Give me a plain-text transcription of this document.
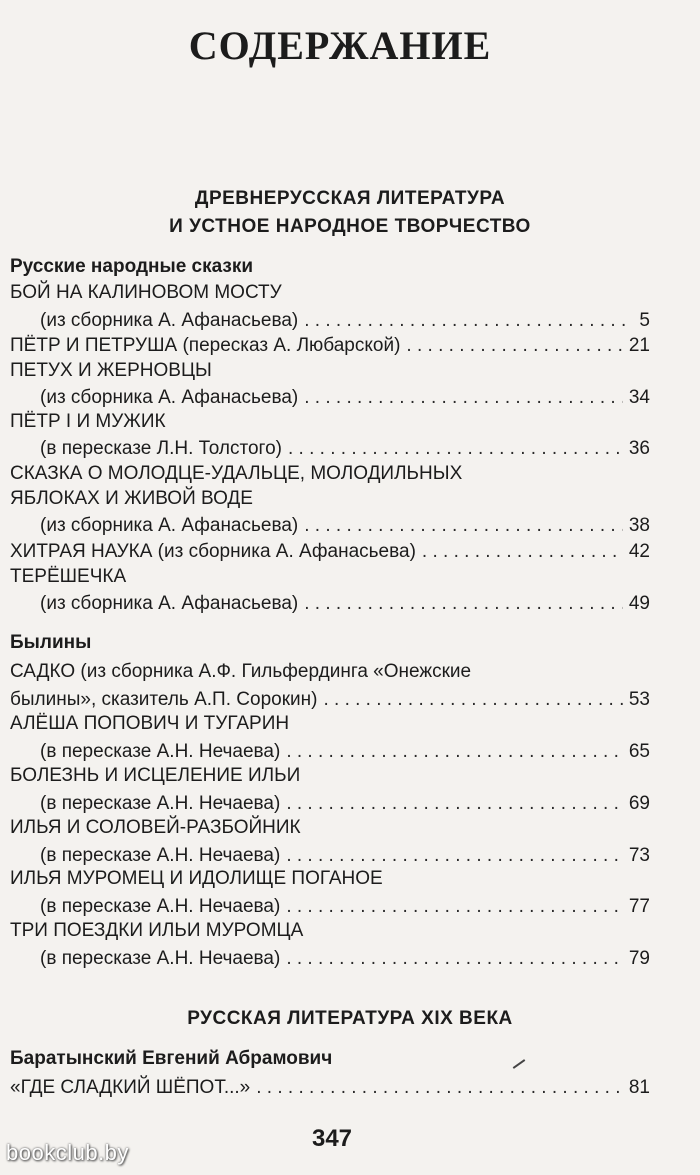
СОДЕРЖАНИЕ

ДРЕВНЕРУССКАЯ ЛИТЕРАТУРА

И УСТНОЕ НАРОДНОЕ ТВОРЧЕСТВО

Русские народные сказки

БОЙ НА КАЛИНОВОМ МОСТУ

(из сборника А. Афанасьева) . . .	5
ПЁТР И ПЕТРУША (пересказ А. Любарской) . . .	21

ПЕТУХ И ЖЕРНОВЦЫ

(из сборника А. Афанасьева) . . .	34

ПЁТР I И МУЖИК

(в пересказе Л.Н. Толстого) . . .	36

СКАЗКА О МОЛОДЦЕ-УДАЛЬЦЕ, МОЛОДИЛЬНЫХ

ЯБЛОКАХ И ЖИВОЙ ВОДЕ

(из сборника А. Афанасьева) . . .	38
ХИТРАЯ НАУКА (из сборника А. Афанасьева) . . .	42

ТЕРЁШЕЧКА

(из сборника А. Афанасьева) . . .	49

Былины

САДКО (из сборника А.Ф. Гильфердинга «Онежские

былины», сказитель А.П. Сорокин) . . .	53

АЛЁША ПОПОВИЧ И ТУГАРИН

(в пересказе А.Н. Нечаева) . . .	65

БОЛЕЗНЬ И ИСЦЕЛЕНИЕ ИЛЬИ

(в пересказе А.Н. Нечаева) . . .	69

ИЛЬЯ И СОЛОВЕЙ-РАЗБОЙНИК

(в пересказе А.Н. Нечаева) . . .	73

ИЛЬЯ МУРОМЕЦ И ИДОЛИЩЕ ПОГАНОЕ

(в пересказе А.Н. Нечаева) . . .	77

ТРИ ПОЕЗДКИ ИЛЬИ МУРОМЦА

(в пересказе А.Н. Нечаева) . . .	79

РУССКАЯ ЛИТЕРАТУРА XIX ВЕКА

Баратынский Евгений Абрамович

«ГДЕ СЛАДКИЙ ШЁПОТ...» . . .	81
347
bookclub.by
